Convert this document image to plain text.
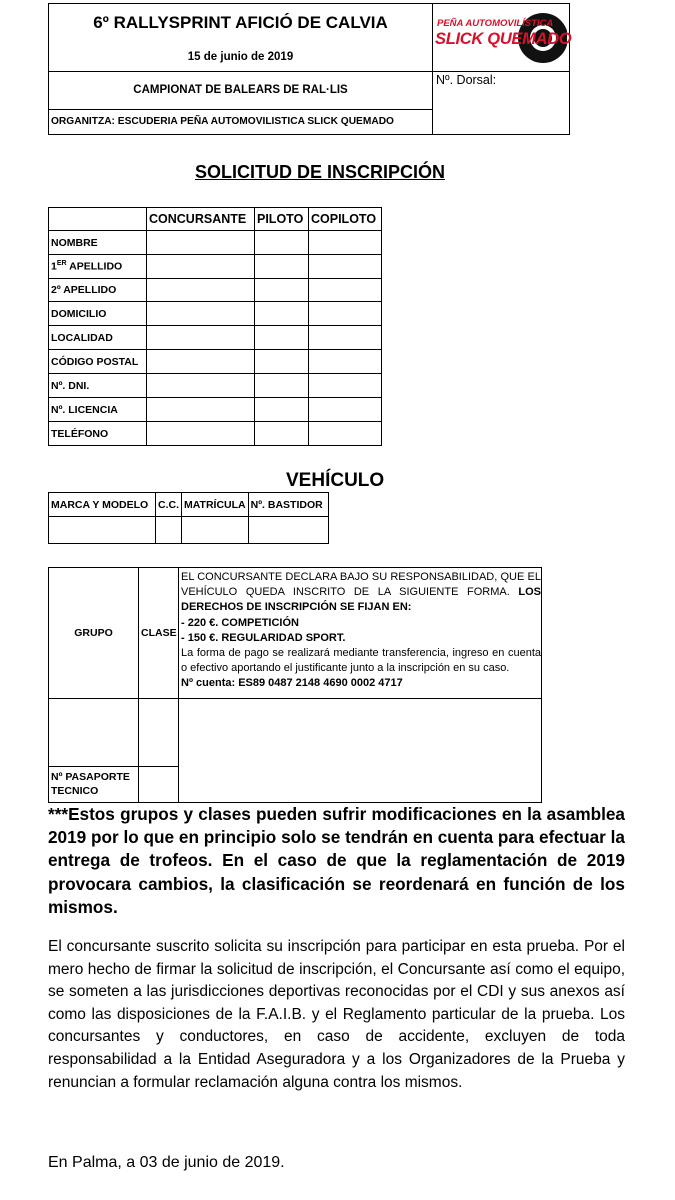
6º RALLYSPRINT AFICIÓ DE CALVIA
15 de junio de 2019
CAMPIONAT DE BALEARS DE RAL·LIS
ORGANITZA: ESCUDERIA PEÑA AUTOMOVILISTICA SLICK QUEMADO
Nº. Dorsal:
PEÑA AUTOMOVILÍSTICA
SLICK QUEMADO
SOLICITUD DE INSCRIPCIÓN
	CONCURSANTE	PILOTO	COPILOTO
NOMBRE			
1ER APELLIDO			
2º APELLIDO			
DOMICILIO			
LOCALIDAD			
CÓDIGO POSTAL			
Nº. DNI.			
Nº. LICENCIA			
TELÉFONO			
VEHÍCULO
MARCA Y MODELO	C.C.	MATRÍCULA	Nº. BASTIDOR

GRUPO	CLASE
EL CONCURSANTE DECLARA BAJO SU RESPONSABILIDAD, QUE EL VEHÍCULO QUEDA INSCRITO DE LA SIGUIENTE FORMA. LOS DERECHOS DE INSCRIPCIÓN SE FIJAN EN:
- 220 €. COMPETICIÓN
- 150 €. REGULARIDAD SPORT.
La forma de pago se realizará mediante transferencia, ingreso en cuenta o efectivo aportando el justificante junto a la inscripción en su caso.
Nº cuenta: ES89 0487 2148 4690 0002 4717
Nº PASAPORTE TECNICO
***Estos grupos y clases pueden sufrir modificaciones en la asamblea 2019 por lo que en principio solo se tendrán en cuenta para efectuar la entrega de trofeos. En el caso de que la reglamentación de 2019 provocara cambios, la clasificación se reordenará en función de los mismos.
El concursante suscrito solicita su inscripción para participar en esta prueba. Por el mero hecho de firmar la solicitud de inscripción, el Concursante así como el equipo, se someten a las jurisdicciones deportivas reconocidas por el CDI y sus anexos así como las disposiciones de la F.A.I.B. y el Reglamento particular de la prueba. Los concursantes y conductores, en caso de accidente, excluyen de toda responsabilidad a la Entidad Aseguradora y a los Organizadores de la Prueba y renuncian a formular reclamación alguna contra los mismos.
En Palma, a 03 de junio de 2019.
